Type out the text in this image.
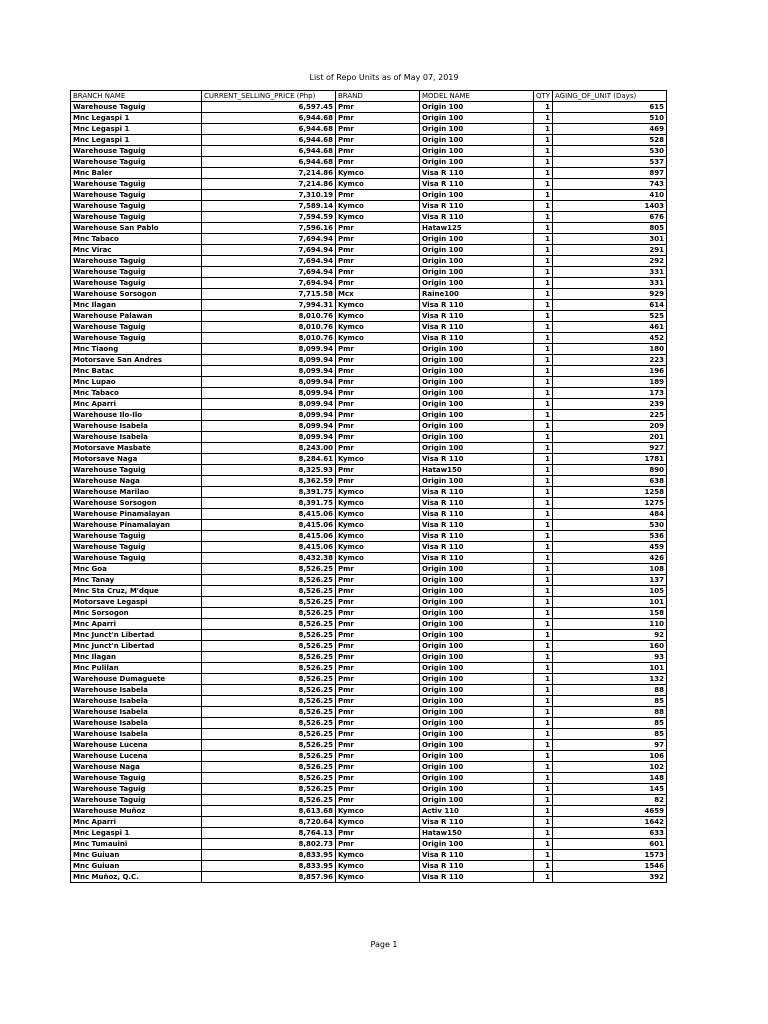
List of Repo Units as of May 07, 2019
BRANCH NAME	CURRENT_SELLING_PRICE (Php)	BRAND	MODEL NAME	QTY	AGING_OF_UNIT (Days)
Warehouse Taguig	6,597.45	Pmr	Origin 100	1	615
Mnc Legaspi 1	6,944.68	Pmr	Origin 100	1	510
Mnc Legaspi 1	6,944.68	Pmr	Origin 100	1	469
Mnc Legaspi 1	6,944.68	Pmr	Origin 100	1	528
Warehouse Taguig	6,944.68	Pmr	Origin 100	1	530
Warehouse Taguig	6,944.68	Pmr	Origin 100	1	537
Mnc Baler	7,214.86	Kymco	Visa R 110	1	897
Warehouse Taguig	7,214.86	Kymco	Visa R 110	1	743
Warehouse Taguig	7,310.19	Pmr	Origin 100	1	410
Warehouse Taguig	7,589.14	Kymco	Visa R 110	1	1403
Warehouse Taguig	7,594.59	Kymco	Visa R 110	1	676
Warehouse San Pablo	7,596.16	Pmr	Hataw125	1	805
Mnc Tabaco	7,694.94	Pmr	Origin 100	1	301
Mnc Virac	7,694.94	Pmr	Origin 100	1	291
Warehouse Taguig	7,694.94	Pmr	Origin 100	1	292
Warehouse Taguig	7,694.94	Pmr	Origin 100	1	331
Warehouse Taguig	7,694.94	Pmr	Origin 100	1	331
Warehouse Sorsogon	7,715.58	Mcx	Raine100	1	929
Mnc Ilagan	7,994.31	Kymco	Visa R 110	1	614
Warehouse Palawan	8,010.76	Kymco	Visa R 110	1	525
Warehouse Taguig	8,010.76	Kymco	Visa R 110	1	461
Warehouse Taguig	8,010.76	Kymco	Visa R 110	1	452
Mnc Tiaong	8,099.94	Pmr	Origin 100	1	180
Motorsave San Andres	8,099.94	Pmr	Origin 100	1	223
Mnc Batac	8,099.94	Pmr	Origin 100	1	196
Mnc Lupao	8,099.94	Pmr	Origin 100	1	189
Mnc Tabaco	8,099.94	Pmr	Origin 100	1	173
Mnc Aparri	8,099.94	Pmr	Origin 100	1	239
Warehouse Ilo-Ilo	8,099.94	Pmr	Origin 100	1	225
Warehouse Isabela	8,099.94	Pmr	Origin 100	1	209
Warehouse Isabela	8,099.94	Pmr	Origin 100	1	201
Motorsave Masbate	8,243.00	Pmr	Origin 100	1	927
Motorsave Naga	8,284.61	Kymco	Visa R 110	1	1781
Warehouse Taguig	8,325.93	Pmr	Hataw150	1	890
Warehouse Naga	8,362.59	Pmr	Origin 100	1	638
Warehouse Marilao	8,391.75	Kymco	Visa R 110	1	1258
Warehouse Sorsogon	8,391.75	Kymco	Visa R 110	1	1275
Warehouse Pinamalayan	8,415.06	Kymco	Visa R 110	1	484
Warehouse Pinamalayan	8,415.06	Kymco	Visa R 110	1	530
Warehouse Taguig	8,415.06	Kymco	Visa R 110	1	536
Warehouse Taguig	8,415.06	Kymco	Visa R 110	1	459
Warehouse Taguig	8,432.38	Kymco	Visa R 110	1	426
Mnc Goa	8,526.25	Pmr	Origin 100	1	108
Mnc Tanay	8,526.25	Pmr	Origin 100	1	137
Mnc Sta Cruz, M'dque	8,526.25	Pmr	Origin 100	1	105
Motorsave Legaspi	8,526.25	Pmr	Origin 100	1	101
Mnc Sorsogon	8,526.25	Pmr	Origin 100	1	158
Mnc Aparri	8,526.25	Pmr	Origin 100	1	110
Mnc Junct'n Libertad	8,526.25	Pmr	Origin 100	1	92
Mnc Junct'n Libertad	8,526.25	Pmr	Origin 100	1	160
Mnc Ilagan	8,526.25	Pmr	Origin 100	1	93
Mnc Pulilan	8,526.25	Pmr	Origin 100	1	101
Warehouse Dumaguete	8,526.25	Pmr	Origin 100	1	132
Warehouse Isabela	8,526.25	Pmr	Origin 100	1	88
Warehouse Isabela	8,526.25	Pmr	Origin 100	1	85
Warehouse Isabela	8,526.25	Pmr	Origin 100	1	88
Warehouse Isabela	8,526.25	Pmr	Origin 100	1	85
Warehouse Isabela	8,526.25	Pmr	Origin 100	1	85
Warehouse Lucena	8,526.25	Pmr	Origin 100	1	97
Warehouse Lucena	8,526.25	Pmr	Origin 100	1	106
Warehouse Naga	8,526.25	Pmr	Origin 100	1	102
Warehouse Taguig	8,526.25	Pmr	Origin 100	1	148
Warehouse Taguig	8,526.25	Pmr	Origin 100	1	145
Warehouse Taguig	8,526.25	Pmr	Origin 100	1	82
Warehouse Muñoz	8,613.68	Kymco	Activ 110	1	4659
Mnc Aparri	8,720.64	Kymco	Visa R 110	1	1642
Mnc Legaspi 1	8,764.13	Pmr	Hataw150	1	633
Mnc Tumauini	8,802.73	Pmr	Origin 100	1	601
Mnc Guiuan	8,833.95	Kymco	Visa R 110	1	1573
Mnc Guiuan	8,833.95	Kymco	Visa R 110	1	1546
Mnc Muñoz, Q.C.	8,857.96	Kymco	Visa R 110	1	392
Page 1
